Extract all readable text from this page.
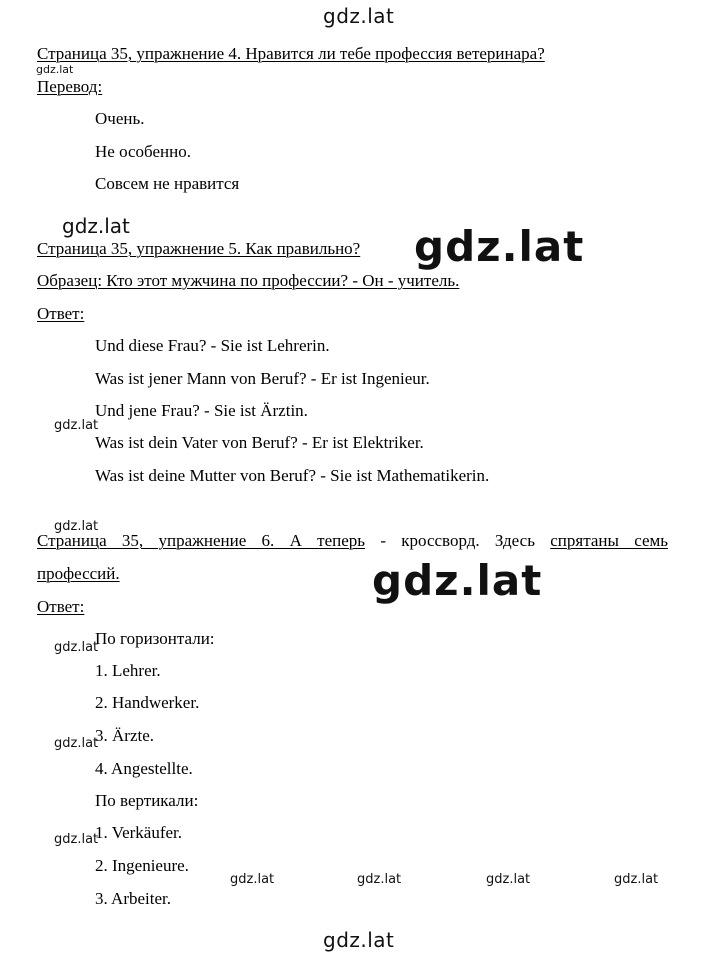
gdz.lat
gdz.lat
gdz.lat	gdz.lat
gdz.lat
gdz.lat
gdz.lat
gdz.lat
gdz.lat
gdz.lat
gdz.lat	gdz.lat	gdz.lat	gdz.lat
gdz.lat
Страница 35, упражнение 4. Нравится ли тебе профессия ветеринара?
Перевод:
Очень.
Не особенно.
Совсем не нравится
Страница 35, упражнение 5. Как правильно?
Образец: Кто этот мужчина по профессии? - Он - учитель.
Ответ:
Und diese Frau? - Sie ist Lehrerin.
Was ist jener Mann von Beruf? - Er ist Ingenieur.
Und jene Frau? - Sie ist Ärztin.
Was ist dein Vater von Beruf? - Er ist Elektriker.
Was ist deine Mutter von Beruf? - Sie ist Mathematikerin.
Страница 35, упражнение 6. А теперь - кроссворд. Здесь спрятаны семь
профессий.
Ответ:
По горизонтали:
1. Lehrer.
2. Handwerker.
3. Ärzte.
4. Angestellte.
По вертикали:
1. Verkäufer.
2. Ingenieure.
3. Arbeiter.
